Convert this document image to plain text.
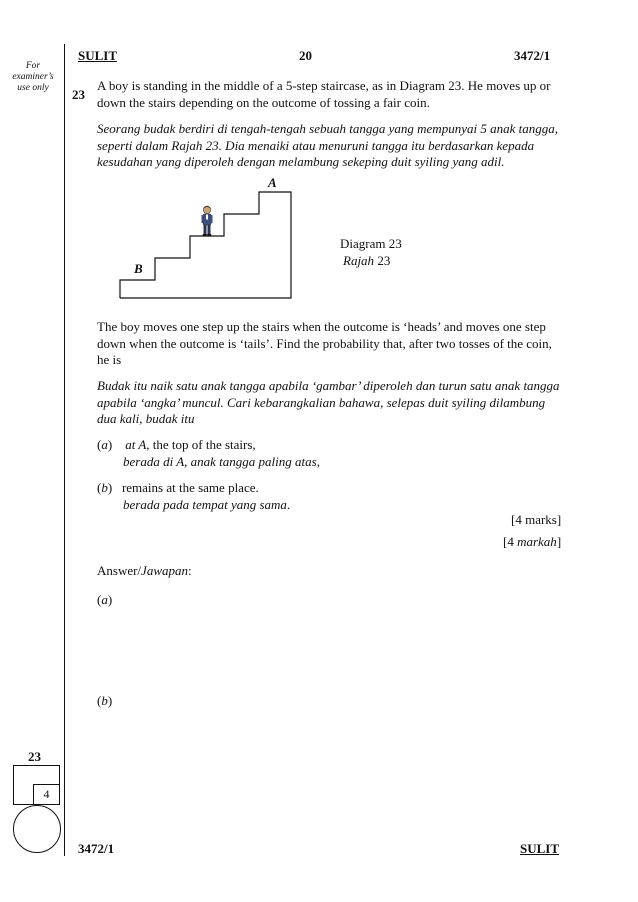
For
examiner’s
use only
SULIT	20	3472/1
23
A boy is standing in the middle of a 5-step staircase, as in Diagram 23. He moves up or
down the stairs depending on the outcome of tossing a fair coin.
Seorang budak berdiri di tengah-tengah sebuah tangga yang mempunyai 5 anak tangga,
seperti dalam Rajah 23. Dia menaiki atau menuruni tangga itu berdasarkan kepada
kesudahan yang diperoleh dengan melambung sekeping duit syiling yang adil.
A
B
Diagram 23
Rajah 23
The boy moves one step up the stairs when the outcome is ‘heads’ and moves one step
down when the outcome is ‘tails’. Find the probability that, after two tosses of the coin,
he is
Budak itu naik satu anak tangga apabila ‘gambar’ diperoleh dan turun satu anak tangga
apabila ‘angka’ muncul. Cari kebarangkalian bahawa, selepas duit syiling dilambung
dua kali, budak itu
(a)    at A, the top of the stairs,
berada di A, anak tangga paling atas,
(b)   remains at the same place.
berada pada tempat yang sama.
[4 marks]
[4 markah]
Answer/Jawapan:
(a)
(b)
23
4
3472/1	SULIT
